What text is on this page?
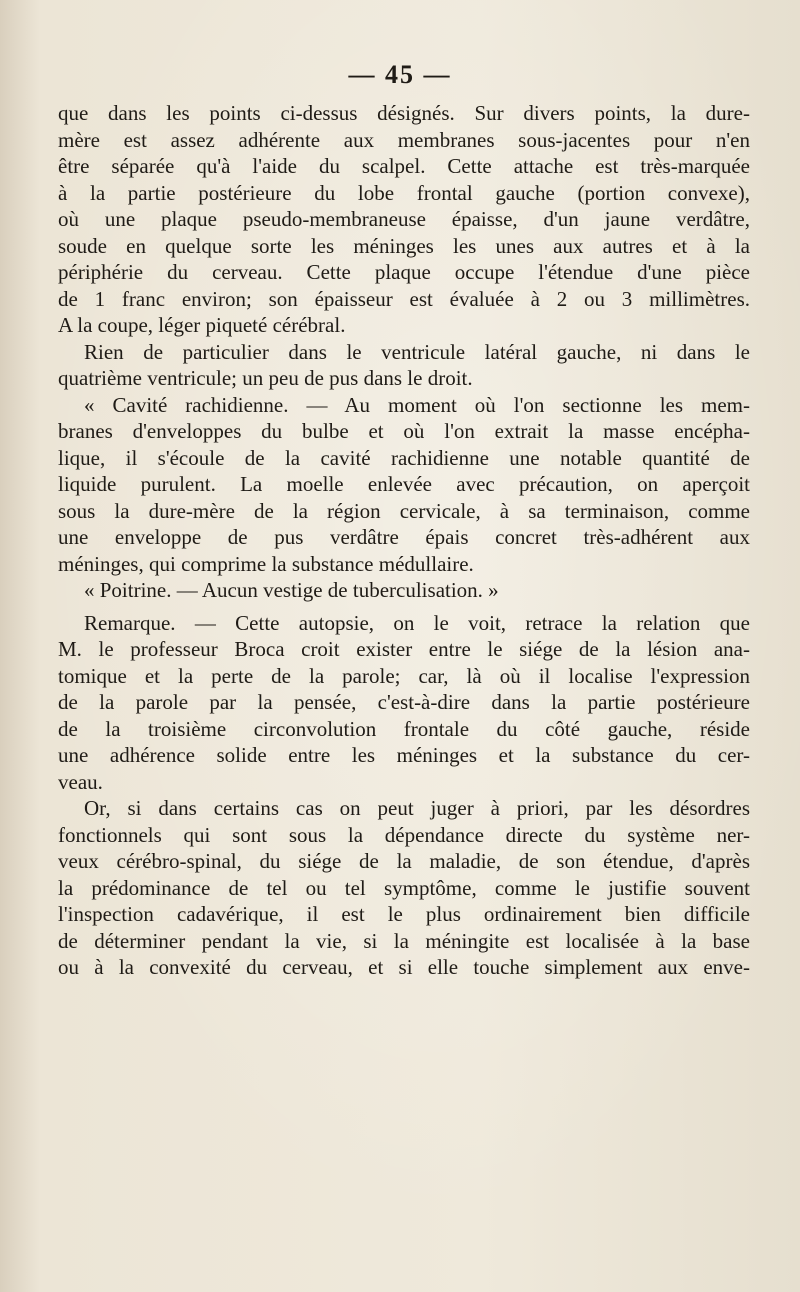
— 45 —
que dans les points ci-dessus désignés. Sur divers points, la dure-
mère est assez adhérente aux membranes sous-jacentes pour n'en
être séparée qu'à l'aide du scalpel. Cette attache est très-marquée
à la partie postérieure du lobe frontal gauche (portion convexe),
où une plaque pseudo-membraneuse épaisse, d'un jaune verdâtre,
soude en quelque sorte les méninges les unes aux autres et à la
périphérie du cerveau. Cette plaque occupe l'étendue d'une pièce
de 1 franc environ; son épaisseur est évaluée à 2 ou 3 millimètres.
A la coupe, léger piqueté cérébral.
Rien de particulier dans le ventricule latéral gauche, ni dans le
quatrième ventricule; un peu de pus dans le droit.
« Cavité rachidienne. — Au moment où l'on sectionne les mem-
branes d'enveloppes du bulbe et où l'on extrait la masse encépha-
lique, il s'écoule de la cavité rachidienne une notable quantité de
liquide purulent. La moelle enlevée avec précaution, on aperçoit
sous la dure-mère de la région cervicale, à sa terminaison, comme
une enveloppe de pus verdâtre épais concret très-adhérent aux
méninges, qui comprime la substance médullaire.
« Poitrine. — Aucun vestige de tuberculisation. »
Remarque. — Cette autopsie, on le voit, retrace la relation que
M. le professeur Broca croit exister entre le siége de la lésion ana-
tomique et la perte de la parole; car, là où il localise l'expression
de la parole par la pensée, c'est-à-dire dans la partie postérieure
de la troisième circonvolution frontale du côté gauche, réside
une adhérence solide entre les méninges et la substance du cer-
veau.
Or, si dans certains cas on peut juger à priori, par les désordres
fonctionnels qui sont sous la dépendance directe du système ner-
veux cérébro-spinal, du siége de la maladie, de son étendue, d'après
la prédominance de tel ou tel symptôme, comme le justifie souvent
l'inspection cadavérique, il est le plus ordinairement bien difficile
de déterminer pendant la vie, si la méningite est localisée à la base
ou à la convexité du cerveau, et si elle touche simplement aux enve-
